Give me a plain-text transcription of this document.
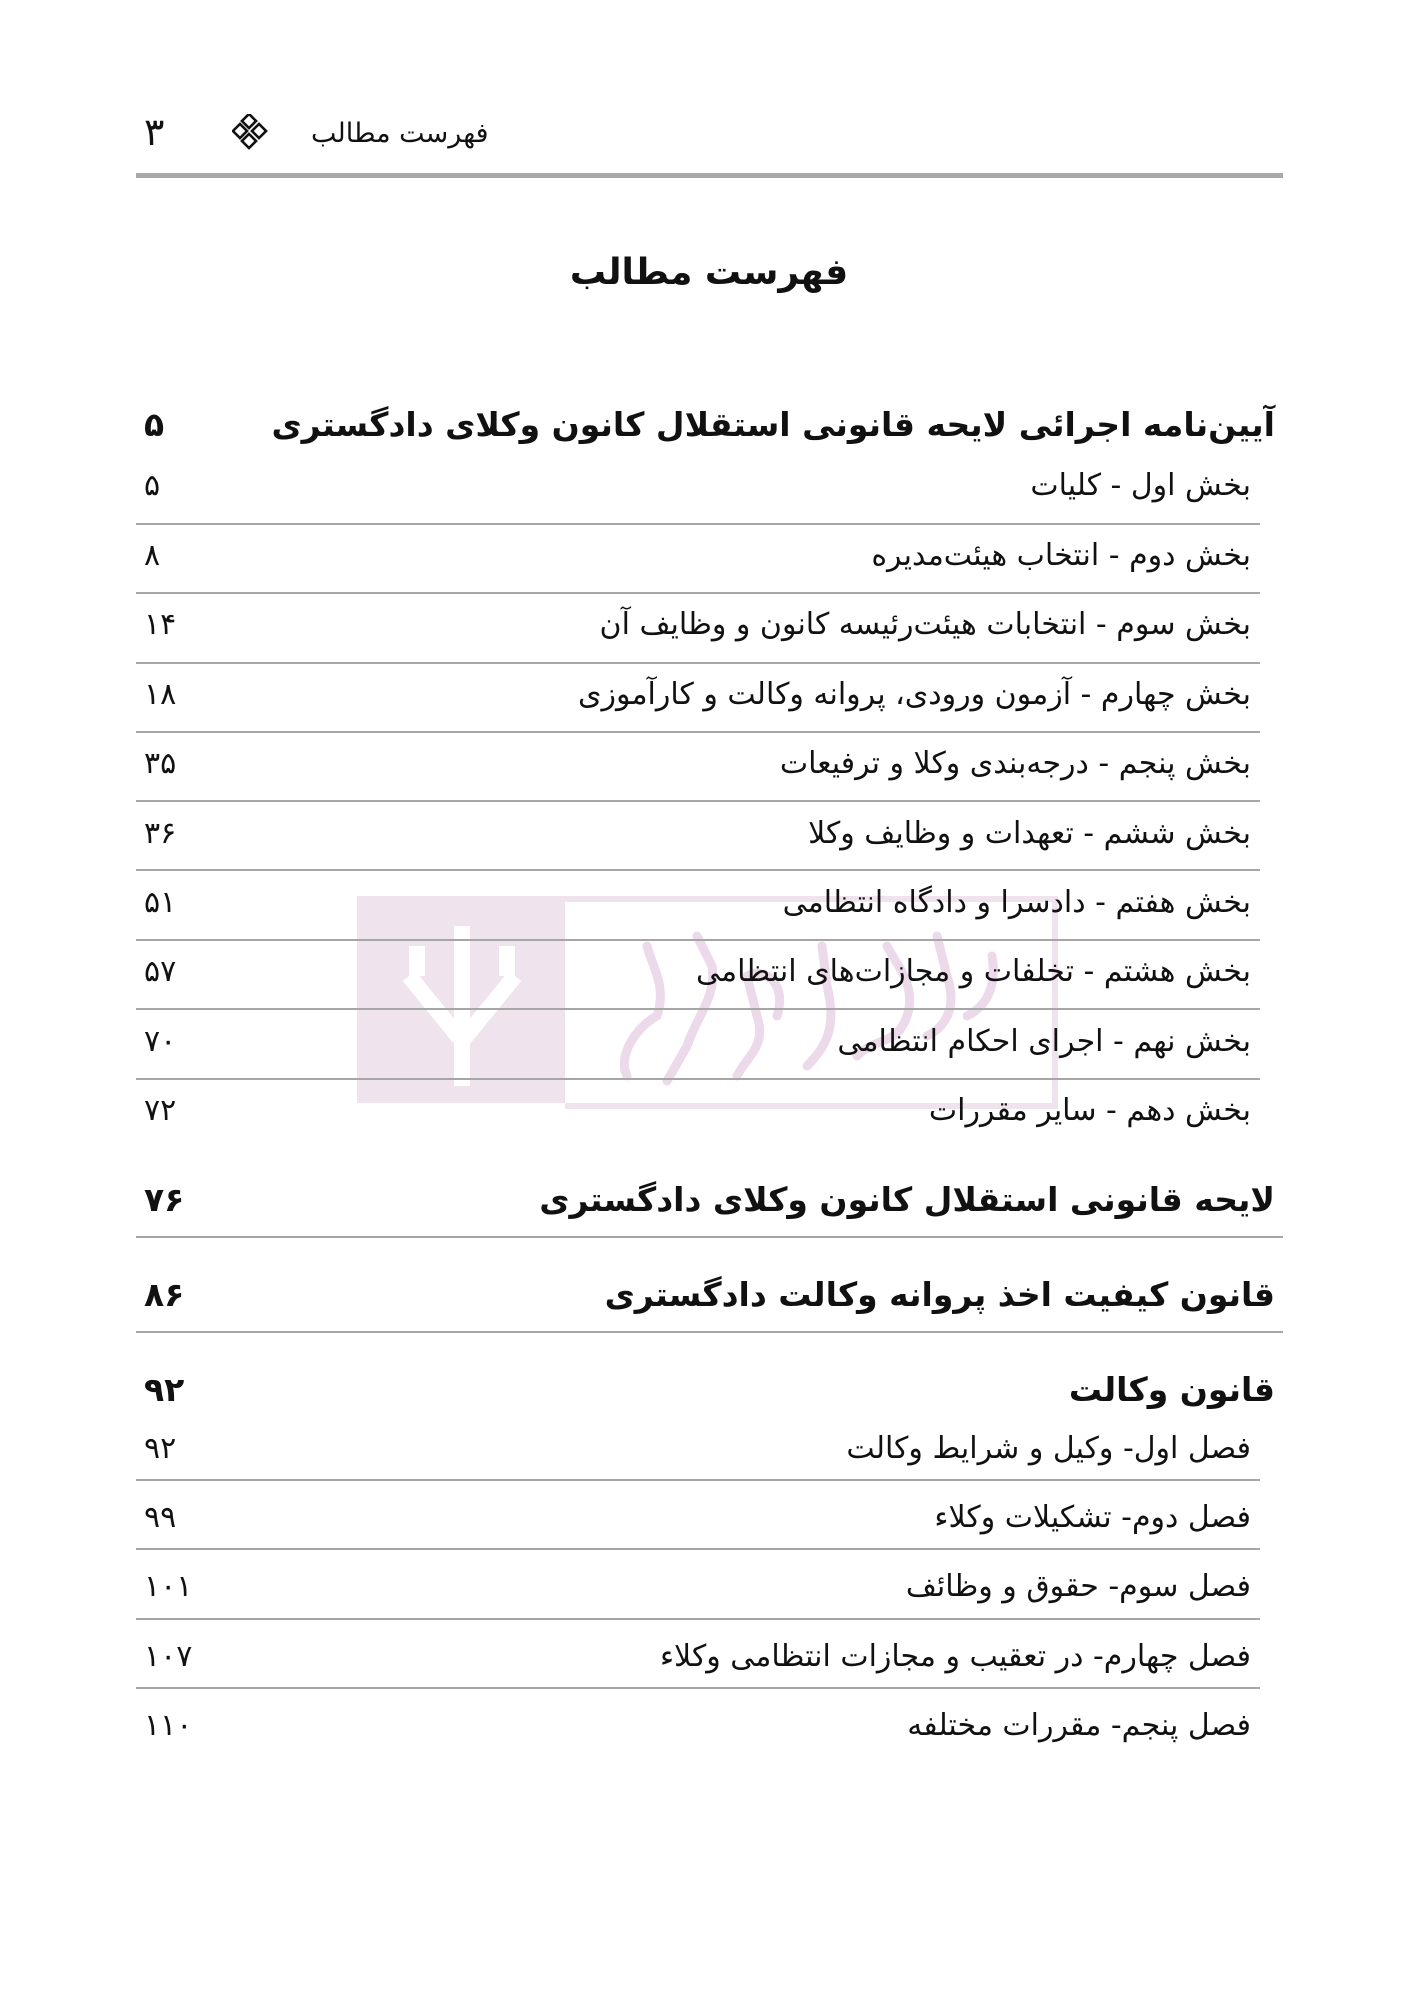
۳	فهرست مطالب
فهرست مطالب
آیین‌نامه اجرائی لایحه قانونی استقلال کانون وکلای دادگستری
۵
بخش اول - کلیات
۵
بخش دوم - انتخاب هیئت‌مدیره
۸
بخش سوم - انتخابات هیئت‌رئیسه کانون و وظایف آن
۱۴
بخش چهارم - آزمون ورودی، پروانه وکالت و کارآموزی
۱۸
بخش پنجم - درجه‌بندی وکلا و ترفیعات
۳۵
بخش ششم - تعهدات و وظایف وکلا
۳۶
بخش هفتم - دادسرا و دادگاه انتظامی
۵۱
بخش هشتم - تخلفات و مجازات‌های انتظامی
۵۷
بخش نهم - اجرای احکام انتظامی
۷۰
بخش دهم - سایر مقررات
۷۲
لایحه قانونی استقلال کانون وکلای دادگستری
۷۶
قانون کیفیت اخذ پروانه وکالت دادگستری
۸۶
قانون وکالت
۹۲
فصل اول- وکیل و شرایط وکالت
۹۲
فصل دوم- تشکیلات وکلاء
۹۹
فصل سوم- حقوق و وظائف
۱۰۱
فصل چهارم- در تعقیب و مجازات انتظامی وکلاء
۱۰۷
فصل پنجم- مقررات مختلفه
۱۱۰
